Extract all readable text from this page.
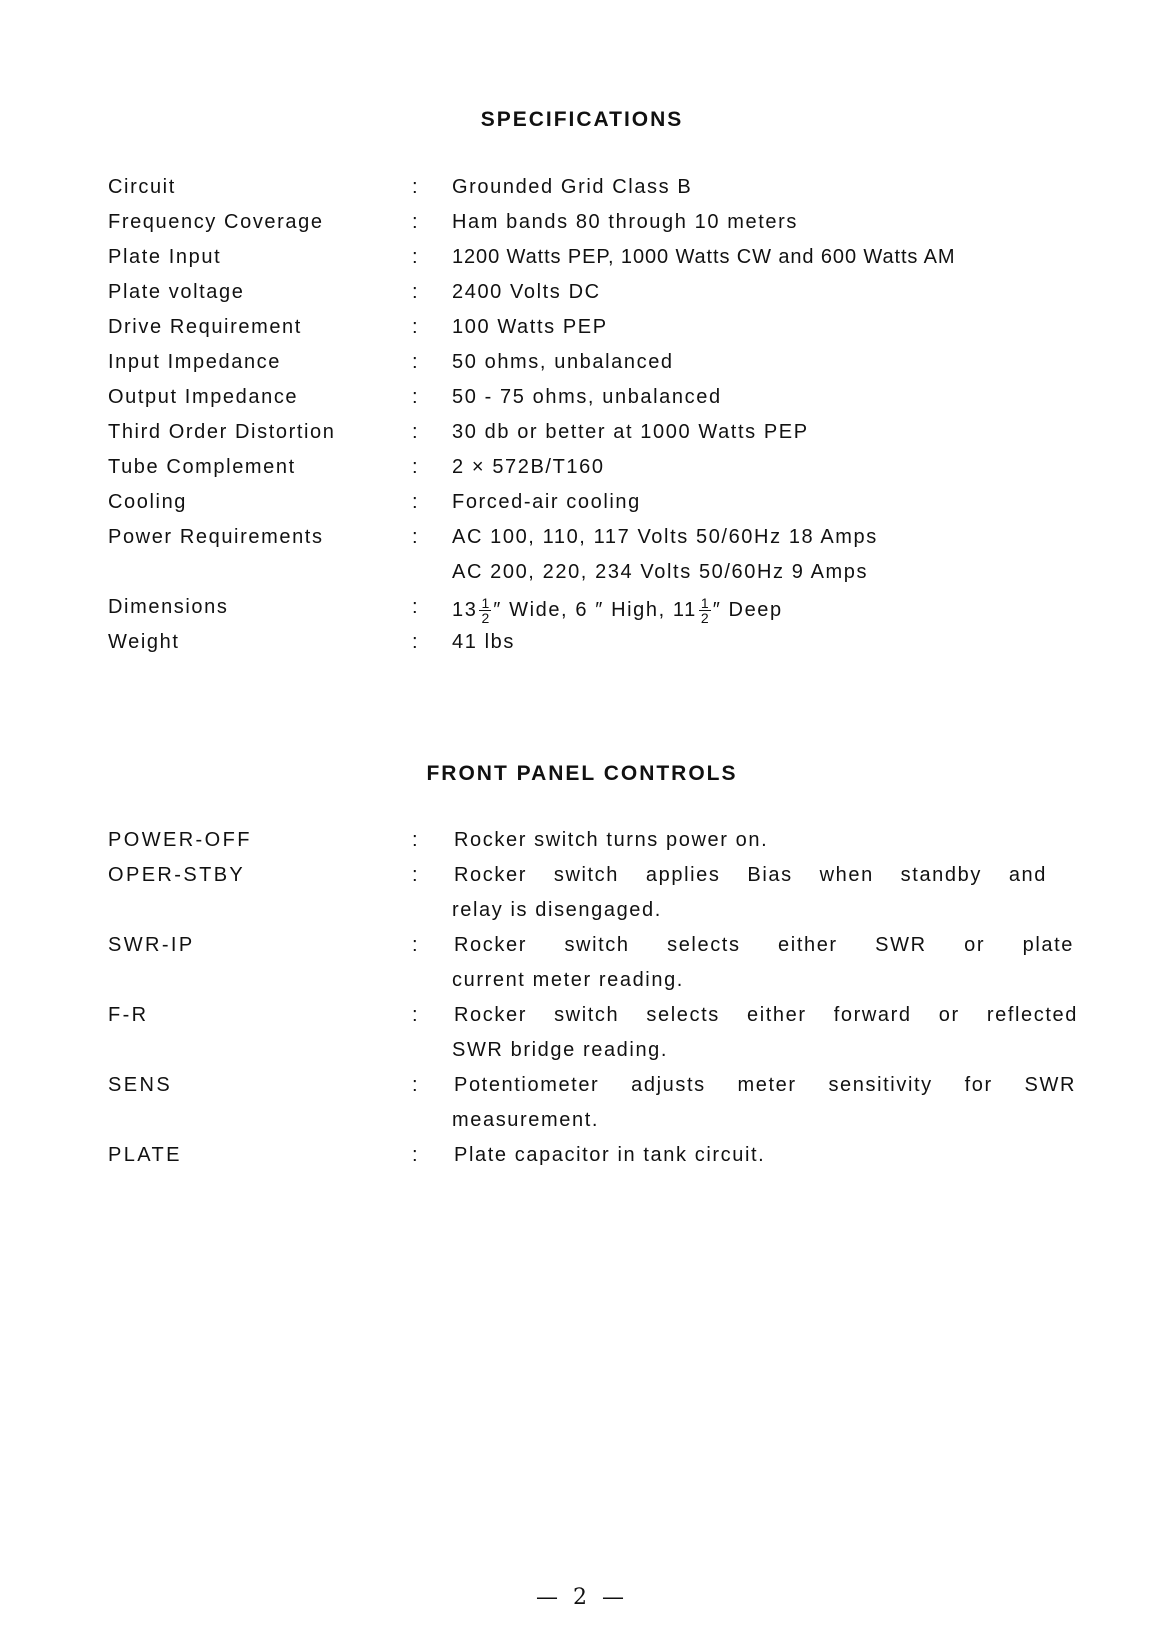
SPECIFICATIONS
Circuit	: Grounded Grid Class B
Frequency Coverage	: Ham bands 80 through 10 meters
Plate Input	: 1200 Watts PEP, 1000 Watts CW and 600 Watts AM
Plate voltage	: 2400 Volts DC
Drive Requirement	: 100 Watts PEP
Input Impedance	: 50 ohms, unbalanced
Output Impedance	: 50 - 75 ohms, unbalanced
Third Order Distortion	: 30 db or better at 1000 Watts PEP
Tube Complement	: 2 × 572B/T160
Cooling	: Forced-air cooling
Power Requirements	: AC 100, 110, 117 Volts 50/60Hz 18 Amps
AC 200, 220, 234 Volts 50/60Hz 9 Amps
Dimensions	: $13 \frac{1}{2}$ ″ Wide, 6 ″ High, $11 \frac{1}{2}$ ″ Deep
Weight	: 41 lbs
FRONT PANEL CONTROLS
POWER-OFF	: Rocker switch turns power on.
OPER-STBY	: Rocker switch applies Bias when standby and
relay is disengaged.
SWR-IP	: Rocker switch selects either SWR or plate
current meter reading.
F-R	: Rocker switch selects either forward or reflected
SWR bridge reading.
SENS	: Potentiometer adjusts meter sensitivity for SWR
measurement.
PLATE	: Plate capacitor in tank circuit.
— 2 —
